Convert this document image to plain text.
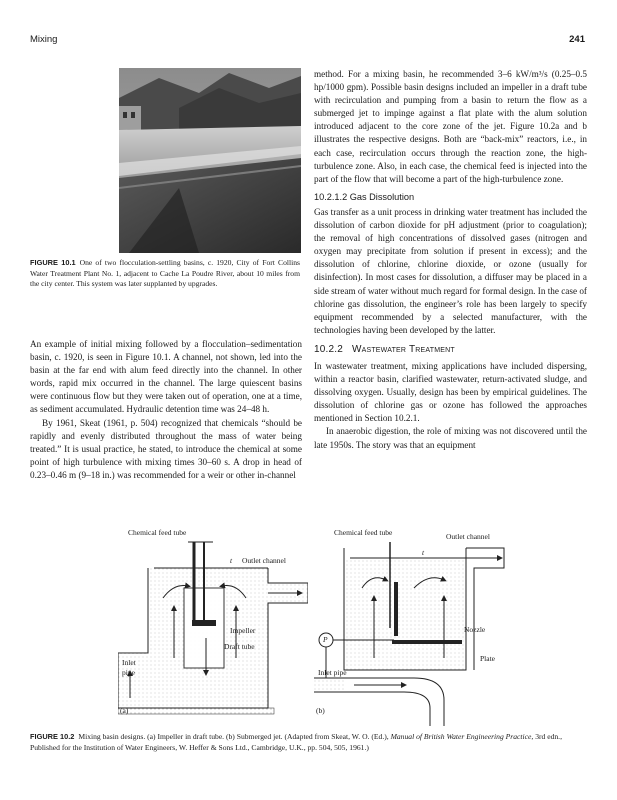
Mixing	241
FIGURE 10.1 One of two flocculation-settling basins, c. 1920, City of Fort Collins Water Treatment Plant No. 1, adjacent to Cache La Poudre River, about 10 miles from the city center. This system was later supplanted by upgrades.

An example of initial mixing followed by a flocculation–sedimentation basin, c. 1920, is seen in Figure 10.1. A channel, not shown, led into the basin at the far end with alum feed directly into the channel. In other words, rapid mix occurred in the channel. The large quiescent basins were continuous flow but they were taken out of operation, one at a time, as sediment accumulated. Hydraulic detention time was 24–48 h.

By 1961, Skeat (1961, p. 504) recognized that chemicals “should be rapidly and evenly distributed throughout the mass of water being treated.” It is usual practice, he stated, to introduce the chemical at some point of high turbulence with mixing times 30–60 s. A drop in head of 0.23–0.46 m (9–18 in.) was recommended for a weir or other in-channel

method. For a mixing basin, he recommended 3–6 kW/m³/s (0.25–0.5 hp/1000 gpm). Possible basin designs included an impeller in a draft tube with recirculation and pumping from a basin to return the flow as a submerged jet to impinge against a flat plate with the alum solution introduced adjacent to the core zone of the jet. Figure 10.2a and b illustrates the respective designs. Both are “back-mix” reactors, i.e., in each case, recirculation occurs through the reaction zone, the high-turbulence zone. Also, in each case, the chemical feed is injected into the part of the flow that will become a part of the high-turbulence zone.

10.2.1.2 Gas Dissolution

Gas transfer as a unit process in drinking water treatment has included the dissolution of carbon dioxide for pH adjustment (prior to coagulation); the removal of high concentrations of dissolved gases (nitrogen and oxygen may precipitate from solution if present in excess); and the dissolution of chlorine, chlorine dioxide, or ozone (usually for disinfection). In most cases for dissolution, a diffuser may be placed in a side stream of water without much regard for formal design. In the case of chlorine gas dissolution, the engineer’s role has been largely to specify equipment recommended by a selected manufacturer, with the technologies having been developed by the latter.

10.2.2 Wastewater Treatment

In wastewater treatment, mixing applications have included dispersing, within a reactor basin, clarified wastewater, return-activated sludge, and dissolving oxygen. Usually, design has been by empirical guidelines. The dissolution of chlorine gas or ozone has followed the approaches mentioned in Section 10.2.1.

In anaerobic digestion, the role of mixing was not discovered until the late 1950s. The story was that an equipment

Chemical feed tube
t Outlet channel
Impeller
Draft tube
Inlet
pipe
(a)
Chemical feed tube	Outlet channel
t
Nozzle
P
Plate
Inlet pipe
(b)
FIGURE 10.2 Mixing basin designs. (a) Impeller in draft tube. (b) Submerged jet. (Adapted from Skeat, W. O. (Ed.), Manual of British Water Engineering Practice, 3rd edn., Published for the Institution of Water Engineers, W. Heffer & Sons Ltd., Cambridge, U.K., pp. 504, 505, 1961.)
